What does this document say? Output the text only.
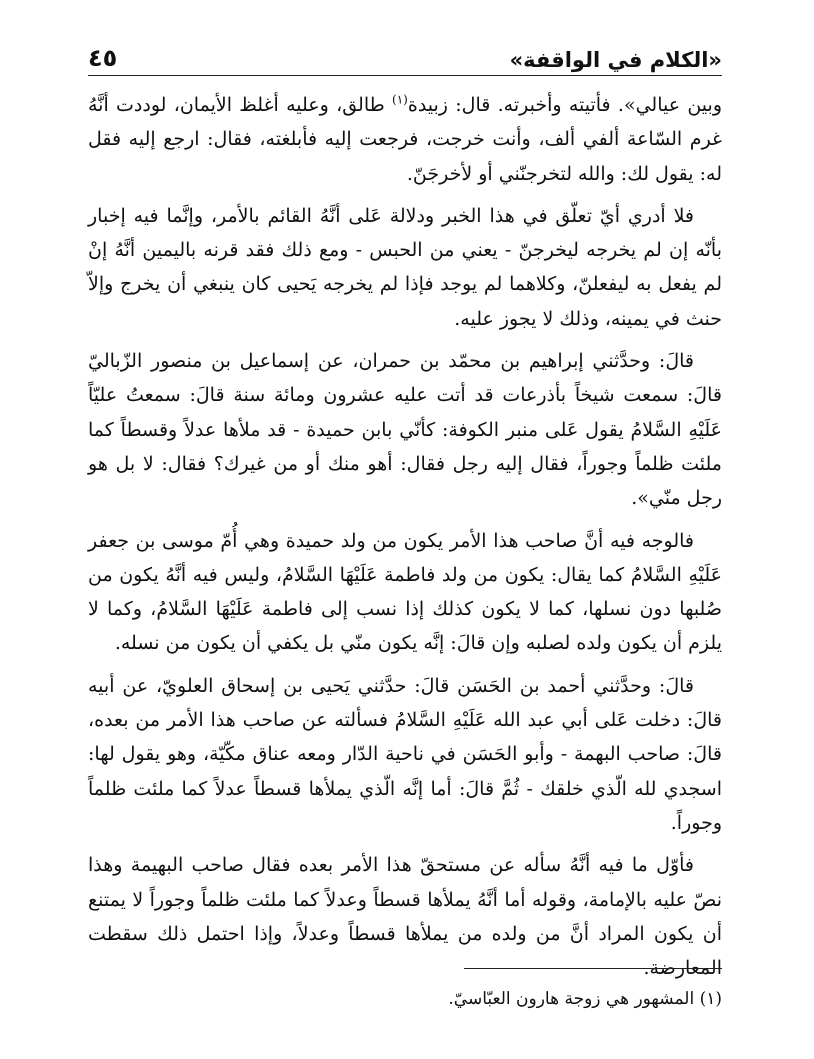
«الكلام في الواقفة»
٤٥

وبين عيالي». فأتيته وأخبرته. قال: زبيدة$^{(١)}$ طالق، وعليه أغلظ الأيمان، لوددت أنَّهُ غرم السّاعة ألفي ألف، وأنت خرجت، فرجعت إليه فأبلغته، فقال: ارجع إليه فقل له: يقول لك: والله لتخرجنّني أو لأخرجَنّ.

فلا أدري أيّ تعلّق في هذا الخبر ودلالة عَلى أنَّهُ القائم بالأمر، وإنَّما فيه إخبار بأنّه إن لم يخرجه ليخرجنّ - يعني من الحبس - ومع ذلك فقد قرنه باليمين أنَّهُ إنْ لم يفعل به ليفعلنّ، وكلاهما لم يوجد فإذا لم يخرجه يَحيى كان ينبغي أن يخرج وإلاّ حنث في يمينه، وذلك لا يجوز عليه.

قالَ: وحدَّثني إبراهيم بن محمّد بن حمران، عن إسماعيل بن منصور الزّباليّ قالَ: سمعت شيخاً بأذرعات قد أتت عليه عشرون ومائة سنة قالَ: سمعتُ عليّاً عَلَيْهِ السَّلامُ يقول عَلى منبر الكوفة: كأنّي بابن حميدة - قد ملأها عدلاً وقسطاً كما ملئت ظلماً وجوراً، فقال إليه رجل فقال: أهو منك أو من غيرك؟ فقال: لا بل هو رجل منّي».

فالوجه فيه أنَّ صاحب هذا الأمر يكون من ولد حميدة وهي أُمّ موسى بن جعفر عَلَيْهِ السَّلامُ كما يقال: يكون من ولد فاطمة عَلَيْهَا السَّلامُ، وليس فيه أنَّهُ يكون من صُلبها دون نسلها، كما لا يكون كذلك إذا نسب إلى فاطمة عَلَيْهَا السَّلامُ، وكما لا يلزم أن يكون ولده لصلبه وإن قالَ: إنَّه يكون منّي بل يكفي أن يكون من نسله.

قالَ: وحدَّثني أحمد بن الحَسَن قالَ: حدَّثني يَحيى بن إسحاق العلويّ، عن أبيه قالَ: دخلت عَلى أبي عبد الله عَلَيْهِ السَّلامُ فسألته عن صاحب هذا الأمر من بعده، قالَ: صاحب البهمة - وأبو الحَسَن في ناحية الدّار ومعه عناق مكّيّة، وهو يقول لها: اسجدي لله الّذي خلقك - ثُمَّ قالَ: أما إنَّه الّذي يملأها قسطاً عدلاً كما ملئت ظلماً وجوراً.

فأوّل ما فيه أنَّهُ سأله عن مستحقّ هذا الأمر بعده فقال صاحب البهيمة وهذا نصّ عليه بالإمامة، وقوله أما أنَّهُ يملأها قسطاً وعدلاً كما ملئت ظلماً وجوراً لا يمتنع أن يكون المراد أنَّ من ولده من يملأها قسطاً وعدلاً، وإذا احتمل ذلك سقطت المعارضة.

(١) المشهور هي زوجة هارون العبّاسيّ.
